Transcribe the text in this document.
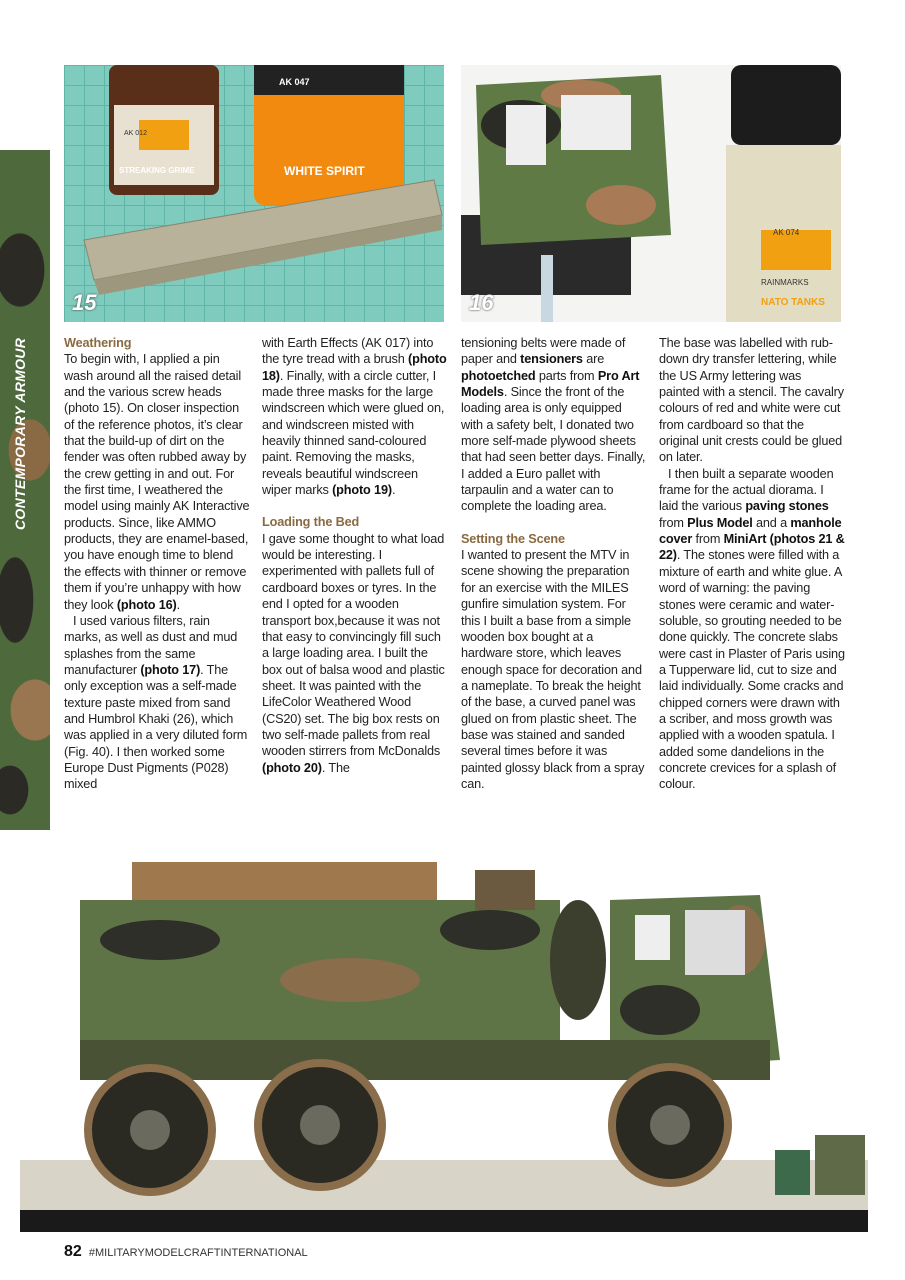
CONTEMPORARY ARMOUR
AK 012
STREAKING GRIME
AK 047
WHITE SPIRIT
15
AK 074
RAINMARKS
NATO TANKS
16
Weathering

To begin with, I applied a pin wash around all the raised detail and the various screw heads (photo 15). On closer inspection of the reference photos, it’s clear that the build-up of dirt on the fender was often rubbed away by the crew getting in and out. For the first time, I weathered the model using mainly AK Interactive products. Since, like AMMO products, they are enamel-based, you have enough time to blend the effects with thinner or remove them if you’re unhappy with how they look (photo 16).

I used various filters, rain marks, as well as dust and mud splashes from the same manufacturer (photo 17). The only exception was a self-made texture paste mixed from sand and Humbrol Khaki (26), which was applied in a very diluted form (Fig. 40). I then worked some Europe Dust Pigments (P028) mixed

with Earth Effects (AK 017) into the tyre tread with a brush (photo 18). Finally, with a circle cutter, I made three masks for the large windscreen which were glued on, and windscreen misted with heavily thinned sand-coloured paint. Removing the masks, reveals beautiful windscreen wiper marks (photo 19).

Loading the Bed

I gave some thought to what load would be interesting. I experimented with pallets full of cardboard boxes or tyres. In the end I opted for a wooden transport box,because it was not that easy to convincingly fill such a large loading area. I built the box out of balsa wood and plastic sheet. It was painted with the LifeColor Weathered Wood (CS20) set. The big box rests on two self-made pallets from real wooden stirrers from McDonalds (photo 20). The

tensioning belts were made of paper and tensioners are photoetched parts from Pro Art Models. Since the front of the loading area is only equipped with a safety belt, I donated two more self-made plywood sheets that had seen better days. Finally, I added a Euro pallet with tarpaulin and a water can to complete the loading area.

Setting the Scene

I wanted to present the MTV in scene showing the preparation for an exercise with the MILES gunfire simulation system. For this I built a base from a simple wooden box bought at a hardware store, which leaves enough space for decoration and a nameplate. To break the height of the base, a curved panel was glued on from plastic sheet. The base was stained and sanded several times before it was painted glossy black from a spray can.

The base was labelled with rub-down dry transfer lettering, while the US Army lettering was painted with a stencil. The cavalry colours of red and white were cut from cardboard so that the original unit crests could be glued on later.

I then built a separate wooden frame for the actual diorama. I laid the various paving stones from Plus Model and a manhole cover from MiniArt (photos 21 & 22). The stones were filled with a mixture of earth and white glue. A word of warning: the paving stones were ceramic and water-soluble, so grouting needed to be done quickly. The concrete slabs were cast in Plaster of Paris using a Tupperware lid, cut to size and laid individually. Some cracks and chipped corners were drawn with a scriber, and moss growth was applied with a wooden spatula. I added some dandelions in the concrete crevices for a splash of colour.

82 #MILITARYMODELCRAFTINTERNATIONAL
